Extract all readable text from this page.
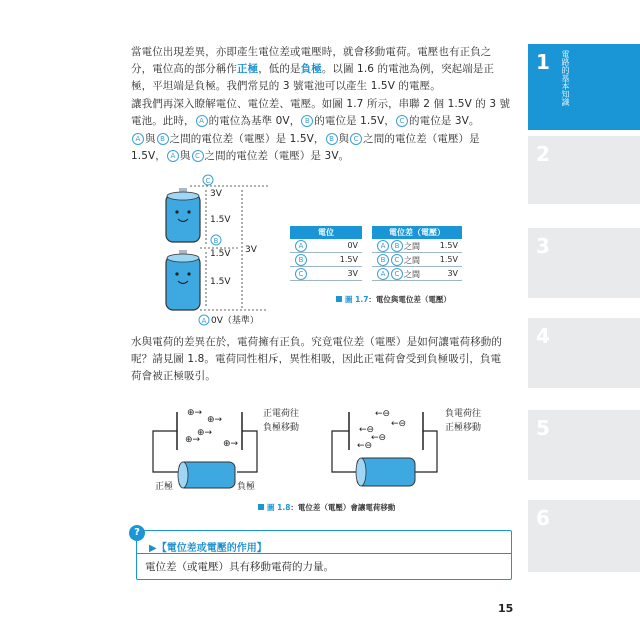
當電位出現差異，亦即產生電位差或電壓時，就會移動電荷。電壓也有正負之分，電位高的部分稱作正極，低的是負極。以圖 1.6 的電池為例，突起端是正極，平坦端是負極。我們常見的 3 號電池可以產生 1.5V 的電壓。
讓我們再深入瞭解電位、電位差、電壓。如圖 1.7 所示，串聯 2 個 1.5V 的 3 號電池。此時， A 的電位為基準 0V， B 的電位是 1.5V， C 的電位是 3V。
A 與 B 之間的電位差（電壓）是 1.5V， B 與 C 之間的電位差（電壓）是 1.5V， A 與 C 之間的電位差（電壓）是 3V。
C
B
A
3V
1.5V
1.5V
1.5V
3V
0V（基準）
電位	
A	0V
B	1.5V
C	3V
電位差（電壓）	
A B 之間	1.5V
B C 之間	1.5V
A C 之間	3V
圖 1.7：電位與電位差（電壓）
水與電荷的差異在於，電荷擁有正負。究竟電位差（電壓）是如何讓電荷移動的呢？請見圖 1.8。電荷同性相斥，異性相吸，因此正電荷會受到負極吸引，負電荷會被正極吸引。
⊕→
⊕→
⊕→
⊕→	⊕→
正電荷往
負極移動
正極	負極
←⊖
←⊖
←⊖
←⊖
←⊖
負電荷往
正極移動
圖 1.8：電位差（電壓）會讓電荷移動
?
▶【電位差或電壓的作用】
電位差（或電壓）具有移動電荷的力量。
1	電路的基本知識
2
3
4
5
6
15
